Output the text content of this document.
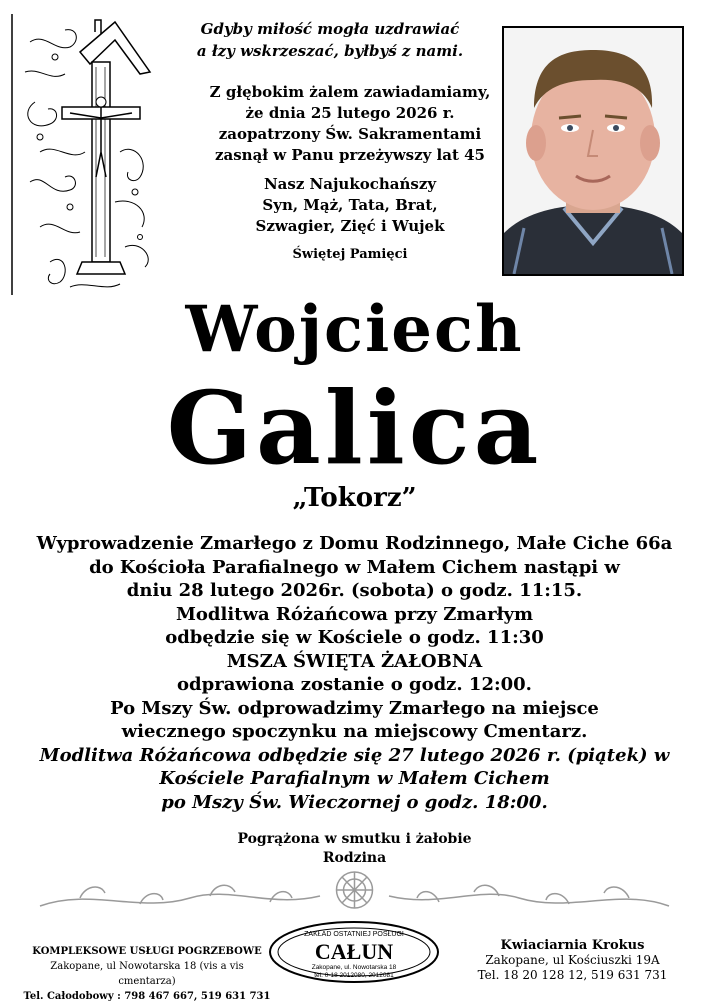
Gdyby miłość mogła uzdrawiać
a łzy wskrzeszać, byłbyś z nami.
Z głębokim żalem zawiadamiamy,
że dnia 25 lutego 2026 r.
zaopatrzony Św. Sakramentami
zasnął w Panu przeżywszy lat 45
Nasz Najukochańszy
Syn, Mąż, Tata, Brat,
Szwagier, Zięć i Wujek
Świętej Pamięci
Wojciech
Galica
„Tokorz”
Wyprowadzenie Zmarłego z Domu Rodzinnego, Małe Ciche 66a
do Kościoła Parafialnego w Małem Cichem nastąpi w
dniu 28 lutego 2026r. (sobota) o godz. 11:15.
Modlitwa Różańcowa przy Zmarłym
odbędzie się w Kościele o godz. 11:30
MSZA ŚWIĘTA ŻAŁOBNA
odprawiona zostanie o godz. 12:00.
Po Mszy Św. odprowadzimy Zmarłego na miejsce
wiecznego spoczynku na miejscowy Cmentarz.
Modlitwa Różańcowa odbędzie się 27 lutego 2026 r. (piątek) w
Kościele Parafialnym w Małem Cichem
po Mszy Św. Wieczornej o godz. 18:00.
Pogrążona w smutku i żałobie
Rodzina
KOMPLEKSOWE USŁUGI POGRZEBOWE
Zakopane, ul Nowotarska 18 (vis a vis cmentarza)
Tel. Całodobowy : 798 467 667, 519 631 731
ZAKŁAD OSTATNIEJ POSŁUGI
CAŁUN
Zakopane, ul. Nowotarska 18
tel. 0-18 2012080, 2012081
Kwiaciarnia Krokus
Zakopane, ul Kościuszki 19A
Tel. 18 20 128 12, 519 631 731
